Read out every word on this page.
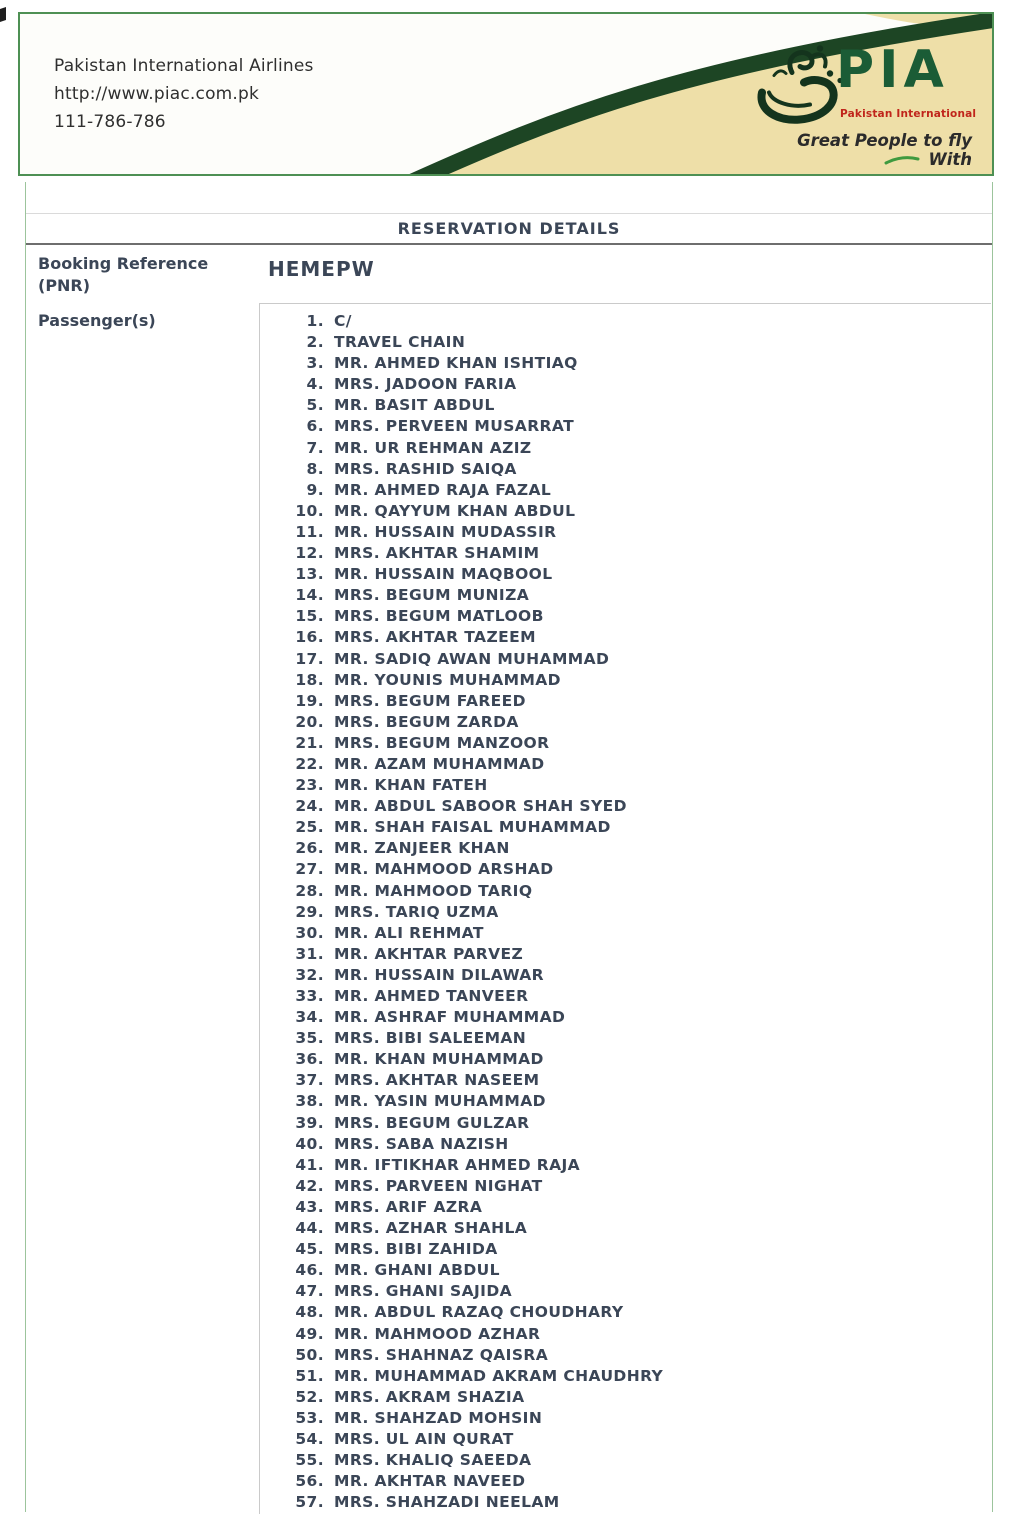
Pakistan International Airlines
http://www.piac.com.pk
111-786-786
PIA
Pakistan International
Great People to fly With
RESERVATION DETAILS
Booking Reference (PNR)
HEMEPW
Passenger(s)	1. C/
2. TRAVEL CHAIN
3. MR. AHMED KHAN ISHTIAQ
4. MRS. JADOON FARIA
5. MR. BASIT ABDUL
6. MRS. PERVEEN MUSARRAT
7. MR. UR REHMAN AZIZ
8. MRS. RASHID SAIQA
9. MR. AHMED RAJA FAZAL
10. MR. QAYYUM KHAN ABDUL
11. MR. HUSSAIN MUDASSIR
12. MRS. AKHTAR SHAMIM
13. MR. HUSSAIN MAQBOOL
14. MRS. BEGUM MUNIZA
15. MRS. BEGUM MATLOOB
16. MRS. AKHTAR TAZEEM
17. MR. SADIQ AWAN MUHAMMAD
18. MR. YOUNIS MUHAMMAD
19. MRS. BEGUM FAREED
20. MRS. BEGUM ZARDA
21. MRS. BEGUM MANZOOR
22. MR. AZAM MUHAMMAD
23. MR. KHAN FATEH
24. MR. ABDUL SABOOR SHAH SYED
25. MR. SHAH FAISAL MUHAMMAD
26. MR. ZANJEER KHAN
27. MR. MAHMOOD ARSHAD
28. MR. MAHMOOD TARIQ
29. MRS. TARIQ UZMA
30. MR. ALI REHMAT
31. MR. AKHTAR PARVEZ
32. MR. HUSSAIN DILAWAR
33. MR. AHMED TANVEER
34. MR. ASHRAF MUHAMMAD
35. MRS. BIBI SALEEMAN
36. MR. KHAN MUHAMMAD
37. MRS. AKHTAR NASEEM
38. MR. YASIN MUHAMMAD
39. MRS. BEGUM GULZAR
40. MRS. SABA NAZISH
41. MR. IFTIKHAR AHMED RAJA
42. MRS. PARVEEN NIGHAT
43. MRS. ARIF AZRA
44. MRS. AZHAR SHAHLA
45. MRS. BIBI ZAHIDA
46. MR. GHANI ABDUL
47. MRS. GHANI SAJIDA
48. MR. ABDUL RAZAQ CHOUDHARY
49. MR. MAHMOOD AZHAR
50. MRS. SHAHNAZ QAISRA
51. MR. MUHAMMAD AKRAM CHAUDHRY
52. MRS. AKRAM SHAZIA
53. MR. SHAHZAD MOHSIN
54. MRS. UL AIN QURAT
55. MRS. KHALIQ SAEEDA
56. MR. AKHTAR NAVEED
57. MRS. SHAHZADI NEELAM
